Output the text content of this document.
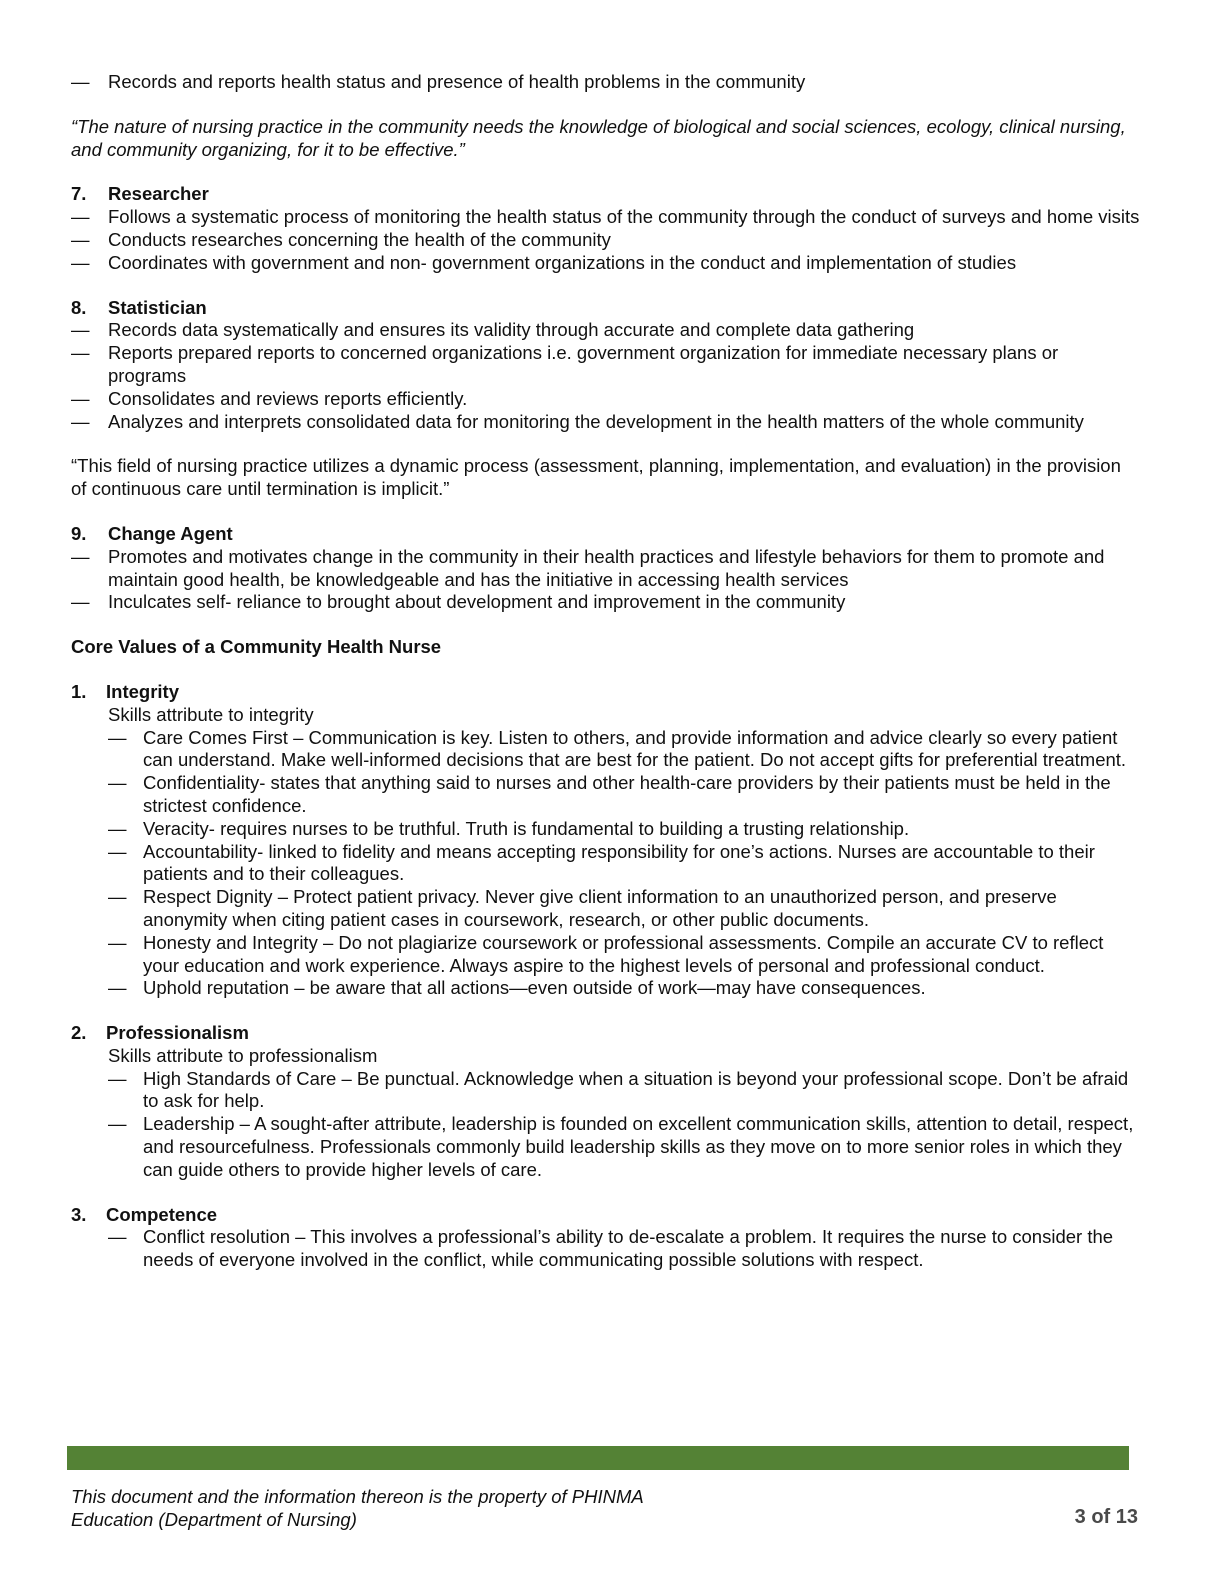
— Records and reports health status and presence of health problems in the community

“The nature of nursing practice in the community needs the knowledge of biological and social sciences, ecology, clinical nursing, and community organizing, for it to be effective.”

7. Researcher
— Follows a systematic process of monitoring the health status of the community through the conduct of surveys and home visits
— Conducts researches concerning the health of the community
— Coordinates with government and non- government organizations in the conduct and implementation of studies
8. Statistician
— Records data systematically and ensures its validity through accurate and complete data gathering
— Reports prepared reports to concerned organizations i.e. government organization for immediate necessary plans or programs
— Consolidates and reviews reports efficiently.
— Analyzes and interprets consolidated data for monitoring the development in the health matters of the whole community

“This field of nursing practice utilizes a dynamic process (assessment, planning, implementation, and evaluation) in the provision of continuous care until termination is implicit.”

9. Change Agent
— Promotes and motivates change in the community in their health practices and lifestyle behaviors for them to promote and maintain good health, be knowledgeable and has the initiative in accessing health services
— Inculcates self- reliance to brought about development and improvement in the community
Core Values of a Community Health Nurse
1. Integrity
Skills attribute to integrity
— Care Comes First – Communication is key. Listen to others, and provide information and advice clearly so every patient can understand. Make well-informed decisions that are best for the patient. Do not accept gifts for preferential treatment.
— Confidentiality- states that anything said to nurses and other health-care providers by their patients must be held in the strictest confidence.
— Veracity- requires nurses to be truthful. Truth is fundamental to building a trusting relationship.
— Accountability- linked to fidelity and means accepting responsibility for one’s actions. Nurses are accountable to their patients and to their colleagues.
— Respect Dignity – Protect patient privacy. Never give client information to an unauthorized person, and preserve anonymity when citing patient cases in coursework, research, or other public documents.
— Honesty and Integrity – Do not plagiarize coursework or professional assessments. Compile an accurate CV to reflect your education and work experience. Always aspire to the highest levels of personal and professional conduct.
— Uphold reputation – be aware that all actions—even outside of work—may have consequences.
2. Professionalism
Skills attribute to professionalism
— High Standards of Care – Be punctual. Acknowledge when a situation is beyond your professional scope. Don’t be afraid to ask for help.
— Leadership – A sought-after attribute, leadership is founded on excellent communication skills, attention to detail, respect, and resourcefulness. Professionals commonly build leadership skills as they move on to more senior roles in which they can guide others to provide higher levels of care.
3. Competence
— Conflict resolution – This involves a professional’s ability to de-escalate a problem. It requires the nurse to consider the needs of everyone involved in the conflict, while communicating possible solutions with respect.
This document and the information thereon is the property of PHINMA
Education (Department of Nursing)	3 of 13
